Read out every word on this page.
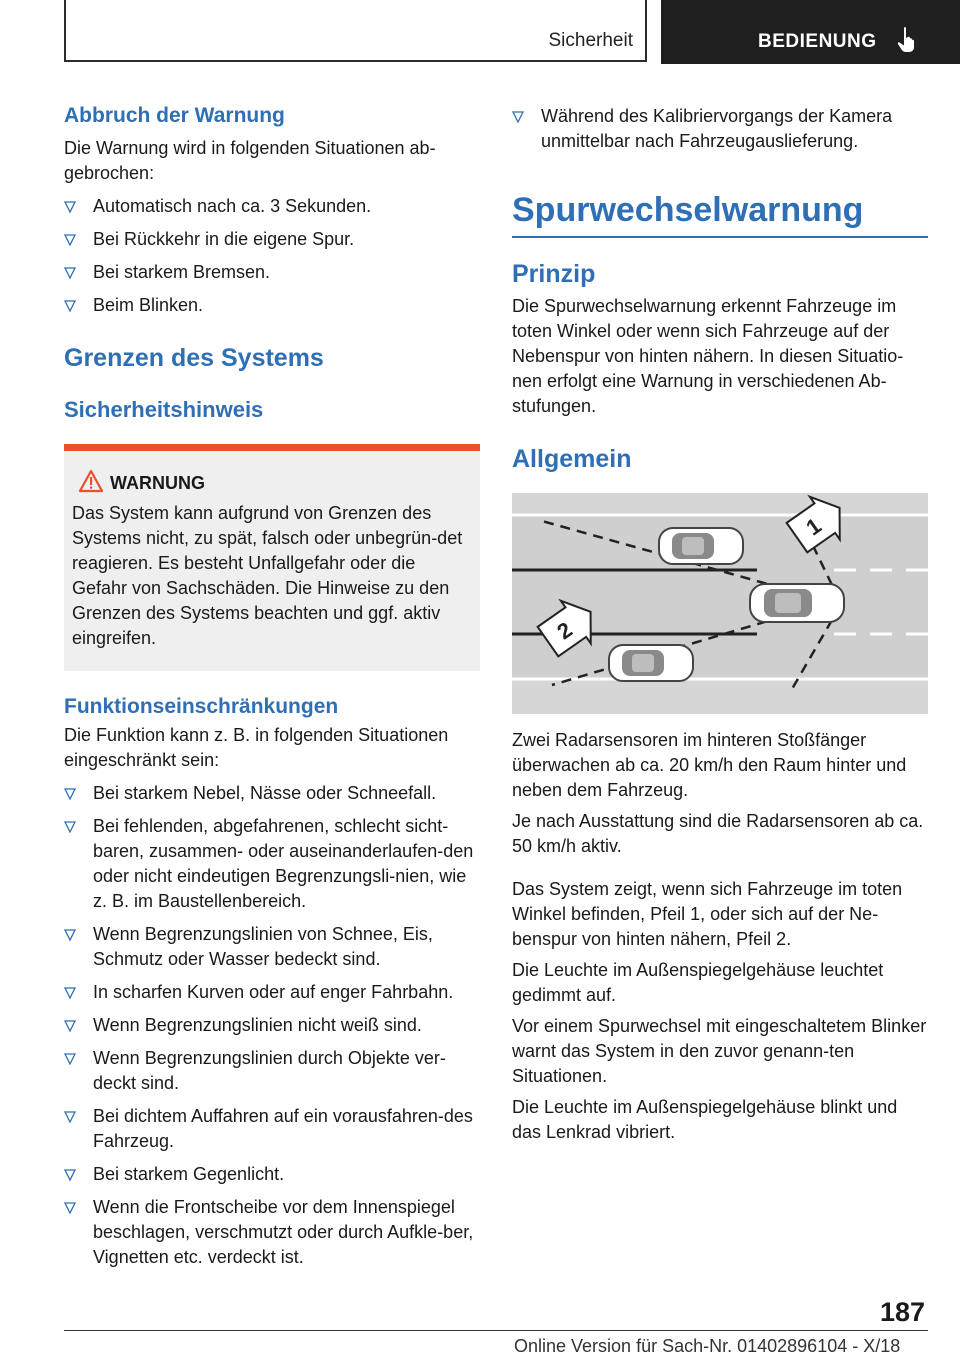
Sicherheit	BEDIENUNG
Abbruch der Warnung

Die Warnung wird in folgenden Situationen ab‐gebrochen:

Automatisch nach ca. 3 Sekunden.
Bei Rückkehr in die eigene Spur.
Bei starkem Bremsen.
Beim Blinken.
Grenzen des Systems
Sicherheitshinweis
WARNUNG
Das System kann aufgrund von Grenzen des Systems nicht, zu spät, falsch oder unbegrün‐det reagieren. Es besteht Unfallgefahr oder die Gefahr von Sachschäden. Die Hinweise zu den Grenzen des Systems beachten und ggf. aktiv eingreifen.
Funktionseinschränkungen

Die Funktion kann z. B. in folgenden Situationen eingeschränkt sein:

Bei starkem Nebel, Nässe oder Schneefall.
Bei fehlenden, abgefahrenen, schlecht sicht‐baren, zusammen- oder auseinanderlaufen‐den oder nicht eindeutigen Begrenzungsli‐nien, wie z. B. im Baustellenbereich.
Wenn Begrenzungslinien von Schnee, Eis, Schmutz oder Wasser bedeckt sind.
In scharfen Kurven oder auf enger Fahrbahn.
Wenn Begrenzungslinien nicht weiß sind.
Wenn Begrenzungslinien durch Objekte ver‐deckt sind.
Bei dichtem Auffahren auf ein vorausfahren‐des Fahrzeug.
Bei starkem Gegenlicht.
Wenn die Frontscheibe vor dem Innenspiegel beschlagen, verschmutzt oder durch Aufkle‐ber, Vignetten etc. verdeckt ist.
Während des Kalibriervorgangs der Kamera unmittelbar nach Fahrzeugauslieferung.
Spurwechselwarnung
Prinzip

Die Spurwechselwarnung erkennt Fahrzeuge im toten Winkel oder wenn sich Fahrzeuge auf der Nebenspur von hinten nähern. In diesen Situatio‐nen erfolgt eine Warnung in verschiedenen Ab‐stufungen.

Allgemein
1
2

Zwei Radarsensoren im hinteren Stoßfänger überwachen ab ca. 20 km/h den Raum hinter und neben dem Fahrzeug.

Je nach Ausstattung sind die Radarsensoren ab ca. 50 km/h aktiv.

Das System zeigt, wenn sich Fahrzeuge im toten Winkel befinden, Pfeil 1, oder sich auf der Ne‐benspur von hinten nähern, Pfeil 2.

Die Leuchte im Außenspiegelgehäuse leuchtet gedimmt auf.

Vor einem Spurwechsel mit eingeschaltetem Blinker warnt das System in den zuvor genann‐ten Situationen.

Die Leuchte im Außenspiegelgehäuse blinkt und das Lenkrad vibriert.

187
Online Version für Sach-Nr. 01402896104 - X/18
